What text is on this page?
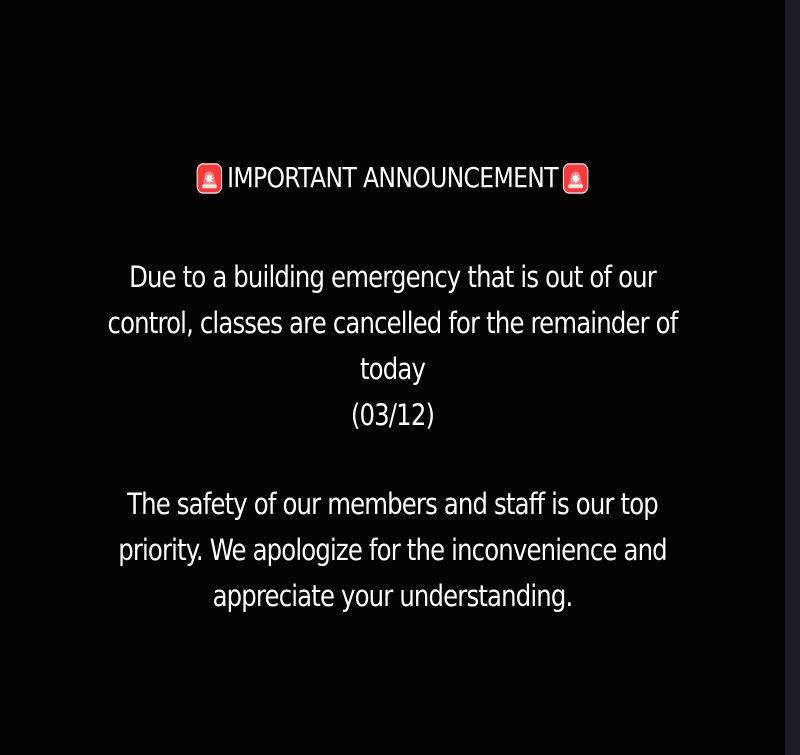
IMPORTANT ANNOUNCEMENT
Due to a building emergency that is out of our
control, classes are cancelled for the remainder of
today
(03/12)
The safety of our members and staff is our top
priority. We apologize for the inconvenience and
appreciate your understanding.
